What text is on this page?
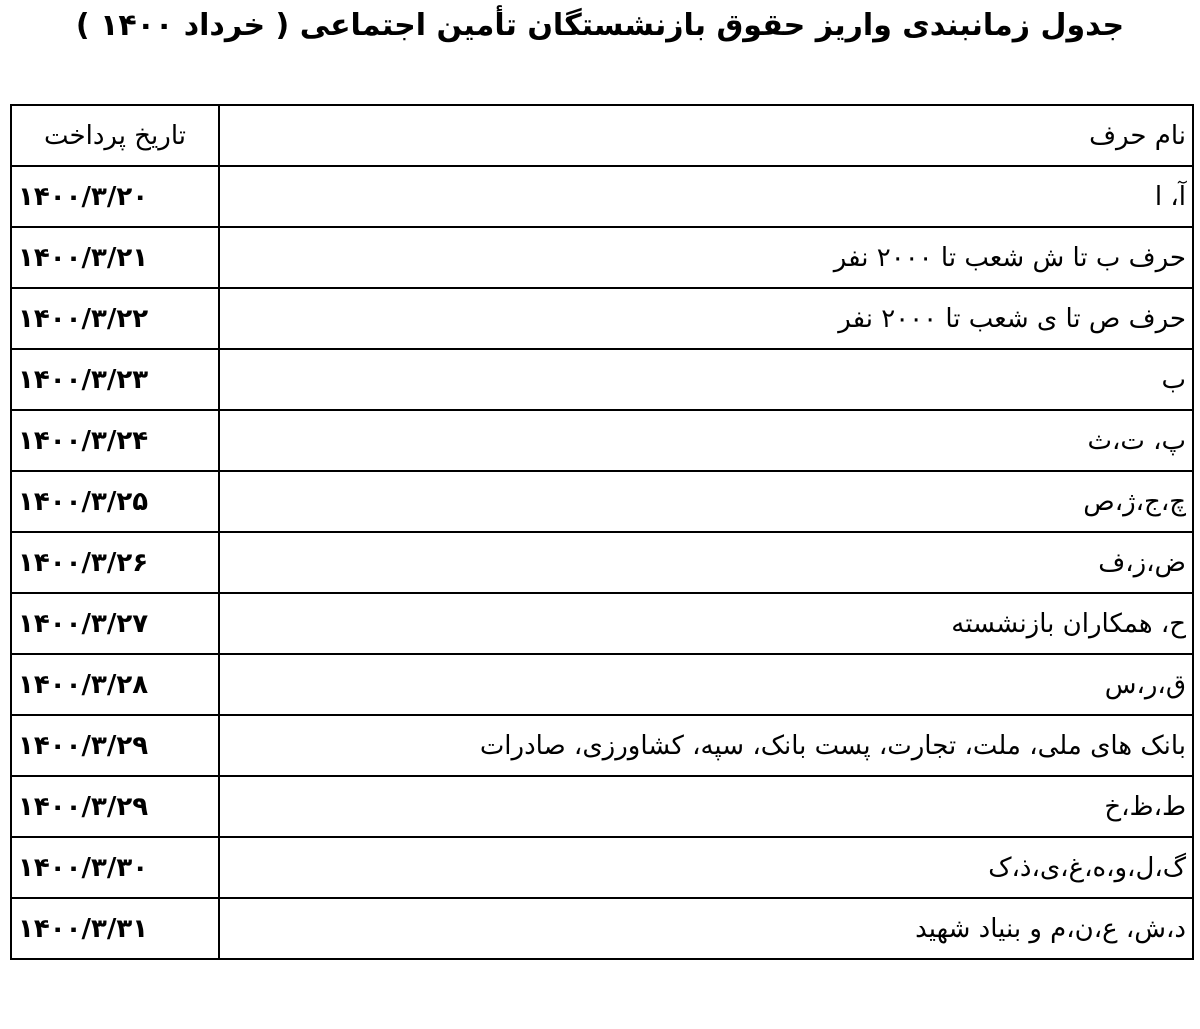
جدول زمانبندی واریز حقوق بازنشستگان تأمین اجتماعی ( خرداد ۱۴۰۰ )
نام حرف	تاریخ پرداخت
آ، ا	۱۴۰۰/۳/۲۰
حرف ب تا ش شعب تا ۲۰۰۰ نفر	۱۴۰۰/۳/۲۱
حرف ص تا ی شعب تا ۲۰۰۰ نفر	۱۴۰۰/۳/۲۲
ب	۱۴۰۰/۳/۲۳
پ، ت،ث	۱۴۰۰/۳/۲۴
چ،ج،ژ،ص	۱۴۰۰/۳/۲۵
ض،ز،ف	۱۴۰۰/۳/۲۶
ح، همکاران بازنشسته	۱۴۰۰/۳/۲۷
ق،ر،س	۱۴۰۰/۳/۲۸
بانک های ملی، ملت، تجارت، پست بانک، سپه، کشاورزی، صادرات	۱۴۰۰/۳/۲۹
ط،ظ،خ	۱۴۰۰/۳/۲۹
گ،ل،و،ه،غ،ی،ذ،ک	۱۴۰۰/۳/۳۰
د،ش، ع،ن،م و بنیاد شهید	۱۴۰۰/۳/۳۱
